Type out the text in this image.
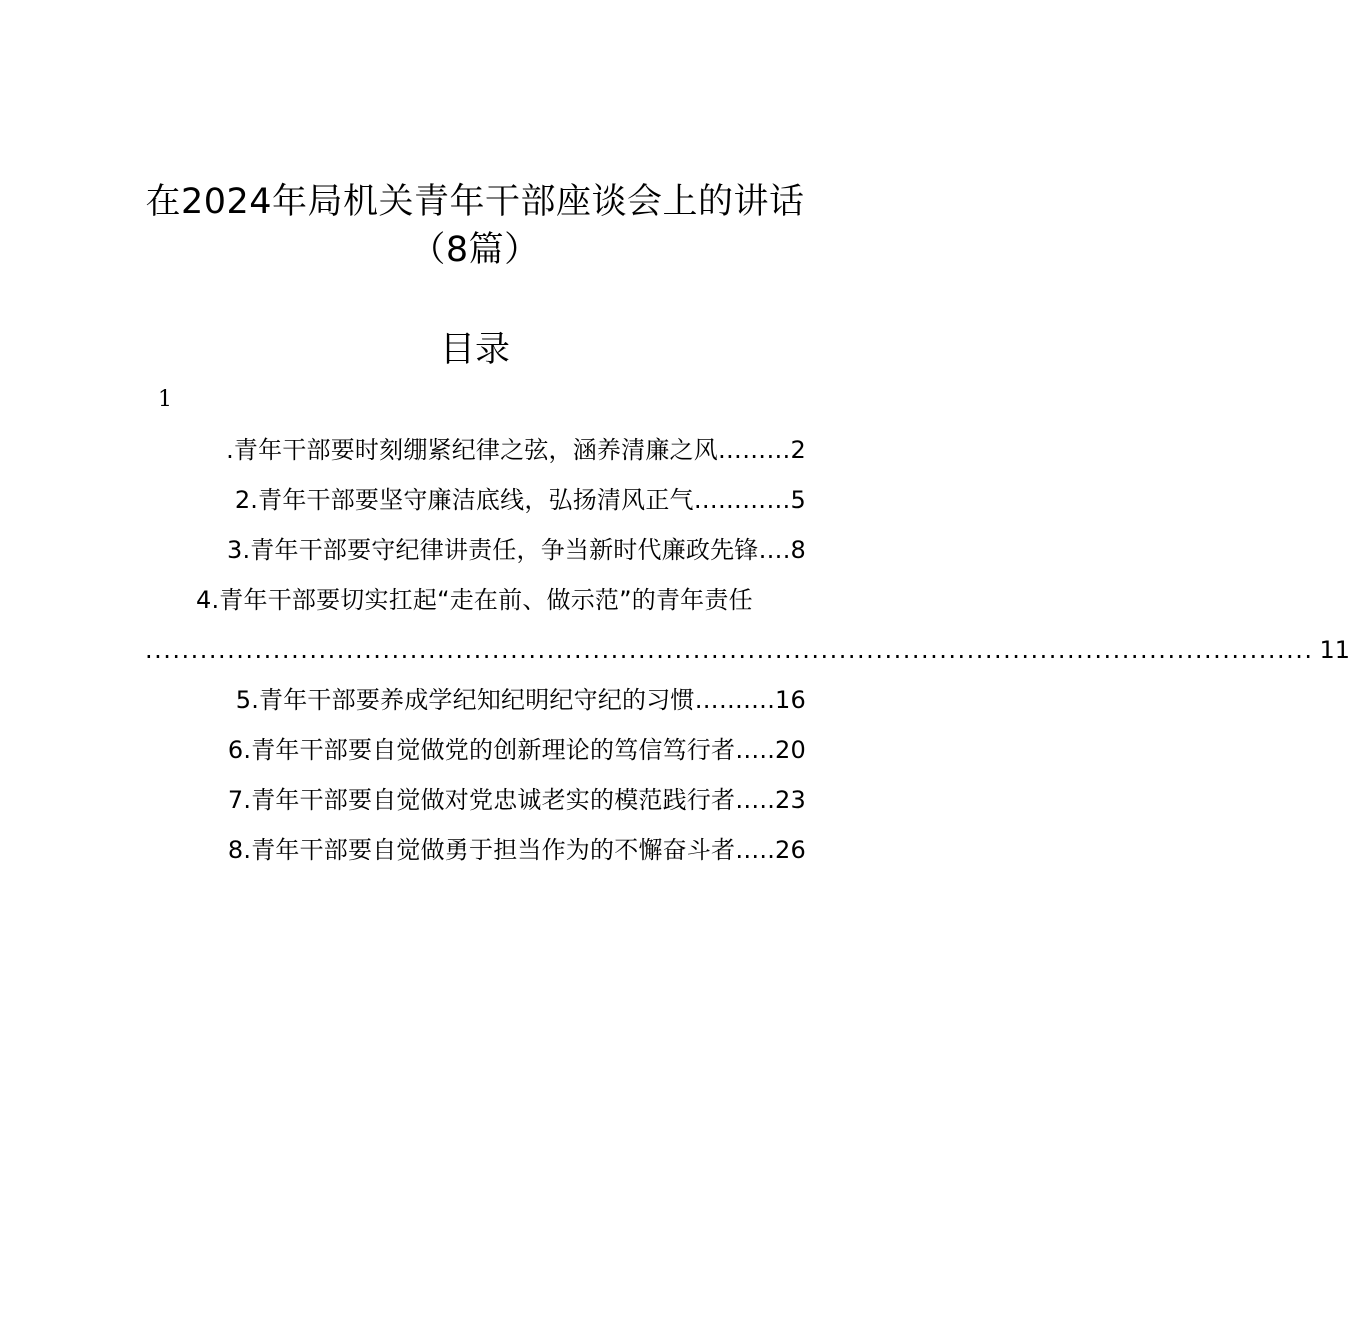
在2024年局机关青年干部座谈会上的讲话
（8篇）
目录
1
.青年干部要时刻绷紧纪律之弦，涵养清廉之风………2
2.青年干部要坚守廉洁底线，弘扬清风正气…………5
3.青年干部要守纪律讲责任，争当新时代廉政先锋….8
4.青年干部要切实扛起“走在前、做示范”的青年责任
................................................................................................................................ 11
5.青年干部要养成学纪知纪明纪守纪的习惯……….16
6.青年干部要自觉做党的创新理论的笃信笃行者…..20
7.青年干部要自觉做对党忠诚老实的模范践行者…..23
8.青年干部要自觉做勇于担当作为的不懈奋斗者…..26
